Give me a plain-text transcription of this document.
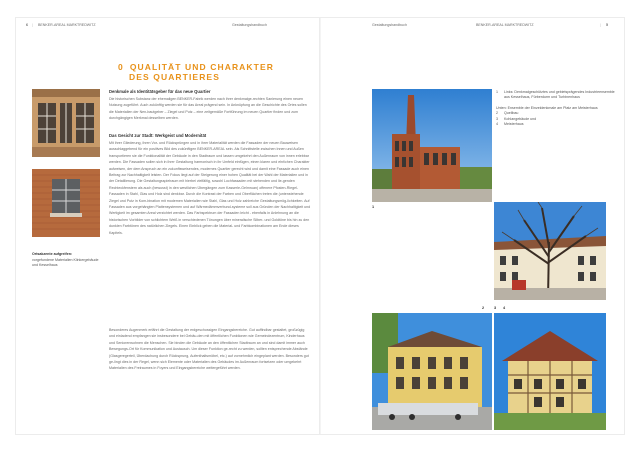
6 | BENKER-AREAL MARKTREDWITZ	Gestaltungshandbuch	Gestaltungshandbuch	BENKER-AREAL MARKTREDWITZ	| 5
0 QUALITÄT UND CHARAKTER
DES QUARTIERES
Ortsakzente aufgreifen:
vorgefundene Materialien Klinkergebäude und Kesselhaus
Denkmale als Identitätsgeber für das neue Quartier

Die historischen Substanz der ehemaligen BENKER-Fabrik werden nach ihrer denkmalge-rechten Sanierung einen neuen Nutzung zugeführt. Auch zukünftig werden sie für das Areal prägend sein. In Anknüpfung an die Geschichte des Ortes sollen die Materialien der Nen-bautgeber – Ziegel und Putz – eine zeitgemäße Fortführung im neuen Quartier finden und zum durchgängigen Merkmal desselben werden.

Das Gesicht zur Stadt: Werkgeist und Modernität

Mit ihrer Gliederung, ihren Vor- und Rücksprüngen und in ihrer Materialität werden die Fassaden der neuen Bauweisen ausschlaggebend für ein positives Bild des zukünftigen BENKER-AREAL sein. Als Schnittstelle zwischen Innen und Außen transportieren sie die Funktionalität der Gebäude in den Stadtraum und lassen umgekehrt den Außenraum von innen erlebbar werden. Die Fassaden sollen sich in ihrer Gestaltung harmonisch in ihr Umfeld einfügen, einen klaren und ehrlichen Charakter aufweisen, der dem Anspruch an ein zukunftsweisendes, modernes Quartier gerecht wird und damit eine Fassade auch einen Beitrag zur Nachhaltigkeit leisten. Der Fokus liegt auf der Steigerung einer hohen Qualität bei der Wahl der Materialien und in der Detaillierung. Die Gestaltungsspielraum mit hierbei vielfältig, sowohl Lochfassaden mit stehenden und lie-genden Rechteckfenstern als auch (bewusst) in den westlichen Übergängen zum Kasserle-Gelmruan) offenere Pfosten-Riegel- Fassaden in Stahl, Glas und Holz sind denkbar. Durch die Kontrast der Farben und Oberflächen treten die (untenstehende Ziegel und Putz in Kom-bination mit modernen Materialien wie Stahl, Glas und Holz zahlreiche Gestaltungsmög-lichkeiten. Auf Fassaden aus vorgehängten Plattensystemen und auf Wärmedämmverbund-systeme soll aus Gründen der Nachhaltigkeit und Wertigkeit im gesamten Areal verzichtet werden. Das Farbspektrum der Fassaden leicht - ebenfalls in Anlehnung an die historischen Vorbilder von schlichtem Weiß in verschiedenen Tönungen über mineralische Silber- und Goldtöne bis hin zu den dunklen Farbtönen des natürlichen Ziegels. Einen Einblick geben die Material- und Farbkombinationen am Ende dieses Kapitels.

Besonderes Augenmerk erfährt die Gestaltung der erdgeschossigen Eingangsbereiche. Gut auffindbar gestaltet, großzügig und einladend empfangen sie insbesondere bei Gebäu-den mit öffentlichen Funktionen wie Gemeindezentrum, Kinderhaus und Seniorenwohnen die Menschen. Sie binden die Gebäude an den öffentlichen Stadtraum an und sind damit immer auch Bewegungs-Ort für Kommunikation und Austausch. Um dieser Funktion ge-recht zu werden, sollten entsprechende Abstände (Glasgeregerteil, Überdachung durch Rücksprung, Aufenthaltsmöbel, etc.) auf vornehmlich eingeplant werden. Besonders gut ge-lingt dies in der Regel, wenn sich Elemente oder Materialien des Gebäudes im Außenraum fortsetzen oder umgekehrt Materialien des Freiraumes in Foyers und Eingangsbereiche weitergeführt werden.

1
1	Links: Denkmalgeschütztes und gebietsprägendes Industrieensemble aus Kesselhaus, Fürberdurm und Turbinenhaus
Unten: Ensemble der Einzeldenkmale am Platz am Meisterhaus
2	Quelibau
3	Kohlangebäude und
4	Meisterhaus
2	3 4
